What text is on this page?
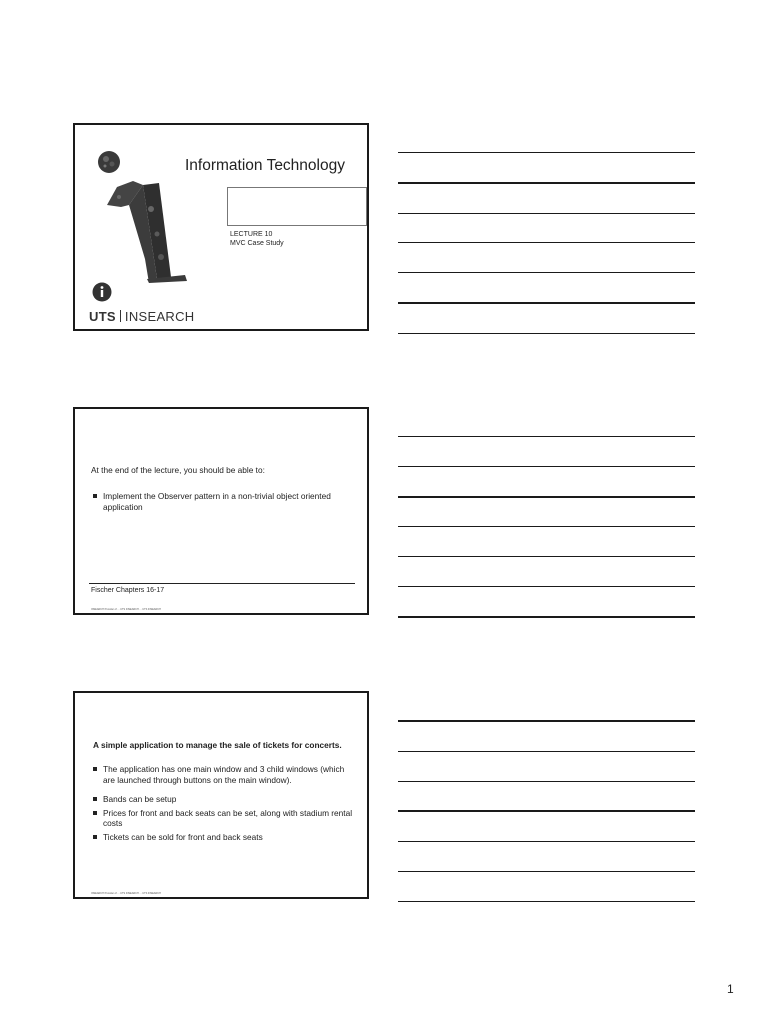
Information Technology
LECTURE 10
MVC Case Study
UTS INSEARCH
At the end of the lecture, you should be able to:
Implement the Observer pattern in a non-trivial object oriented application
Fischer Chapters 16-17
INSEARCH Provider of ... UTS INSEARCH ... UTS INSEARCH
A simple application to manage the sale of tickets for concerts.
The application has one main window and 3 child windows (which are launched through buttons on the main window).
Bands can be setup
Prices for front and back seats can be set, along with stadium rental costs
Tickets can be sold for front and back seats
INSEARCH Provider of ... UTS INSEARCH ... UTS INSEARCH
1
